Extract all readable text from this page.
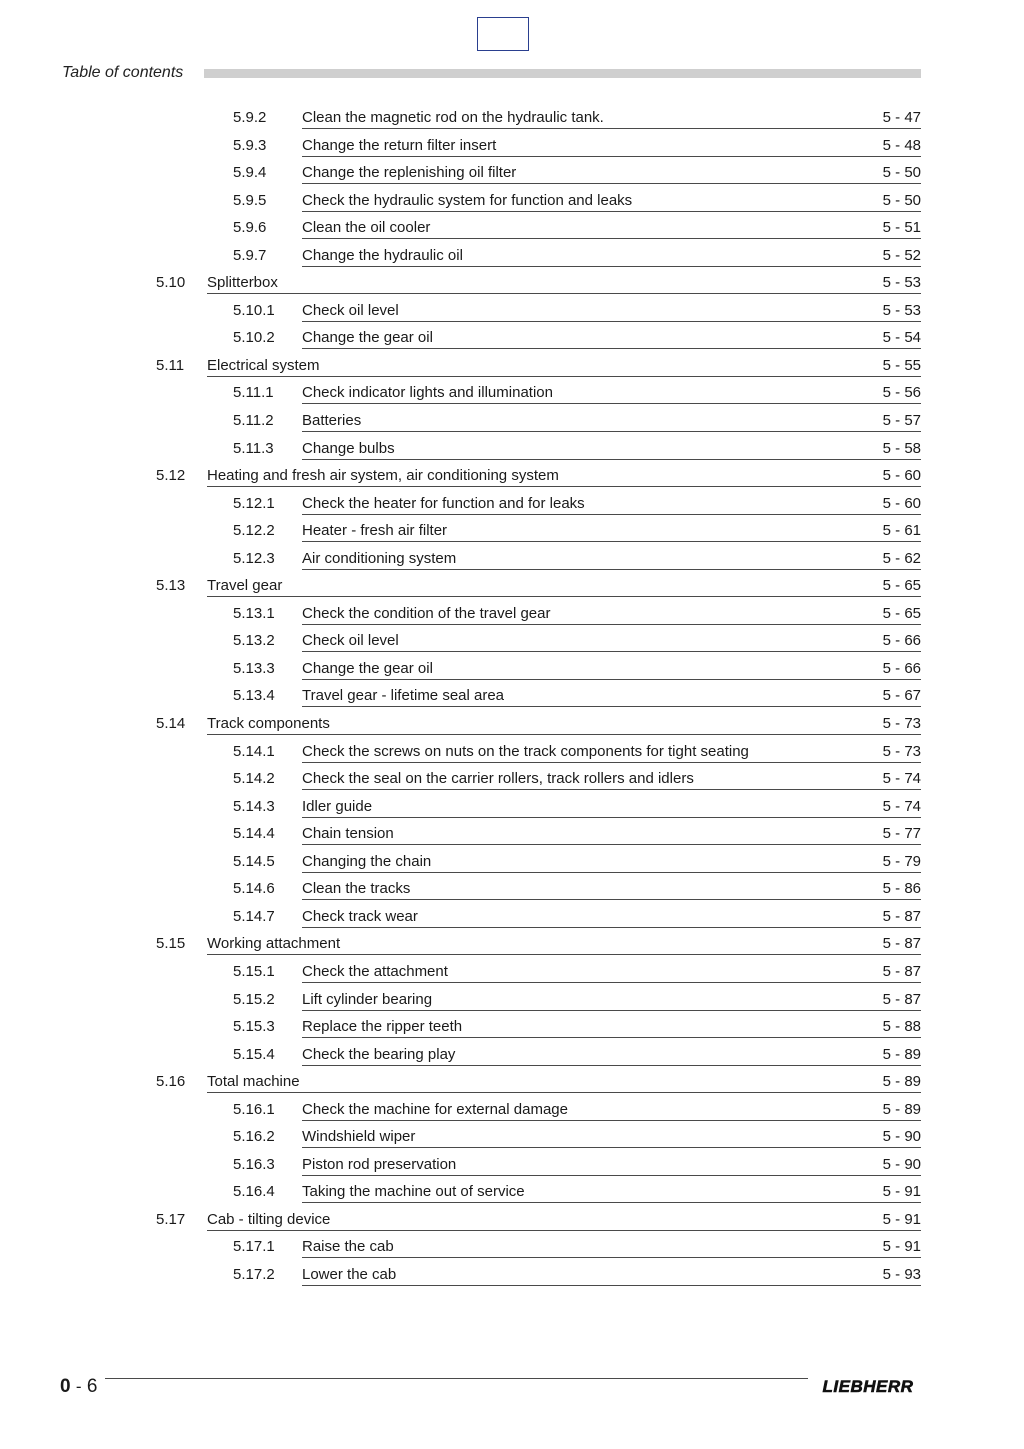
Table of contents
5.9.2 Clean the magnetic rod on the hydraulic tank.	5 - 47
5.9.3 Change the return filter insert	5 - 48
5.9.4 Change the replenishing oil filter	5 - 50
5.9.5 Check the hydraulic system for function and leaks	5 - 50
5.9.6 Clean the oil cooler	5 - 51
5.9.7 Change the hydraulic oil	5 - 52
5.10 Splitterbox	5 - 53
5.10.1 Check oil level	5 - 53
5.10.2 Change the gear oil	5 - 54
5.11 Electrical system	5 - 55
5.11.1 Check indicator lights and illumination	5 - 56
5.11.2 Batteries	5 - 57
5.11.3 Change bulbs	5 - 58
5.12 Heating and fresh air system, air conditioning system	5 - 60
5.12.1 Check the heater for function and for leaks	5 - 60
5.12.2 Heater - fresh air filter	5 - 61
5.12.3 Air conditioning system	5 - 62
5.13 Travel gear	5 - 65
5.13.1 Check the condition of the travel gear	5 - 65
5.13.2 Check oil level	5 - 66
5.13.3 Change the gear oil	5 - 66
5.13.4 Travel gear - lifetime seal area	5 - 67
5.14 Track components	5 - 73
5.14.1 Check the screws on nuts on the track components for tight seating	5 - 73
5.14.2 Check the seal on the carrier rollers, track rollers and idlers	5 - 74
5.14.3 Idler guide	5 - 74
5.14.4 Chain tension	5 - 77
5.14.5 Changing the chain	5 - 79
5.14.6 Clean the tracks	5 - 86
5.14.7 Check track wear	5 - 87
5.15 Working attachment	5 - 87
5.15.1 Check the attachment	5 - 87
5.15.2 Lift cylinder bearing	5 - 87
5.15.3 Replace the ripper teeth	5 - 88
5.15.4 Check the bearing play	5 - 89
5.16 Total machine	5 - 89
5.16.1 Check the machine for external damage	5 - 89
5.16.2 Windshield wiper	5 - 90
5.16.3 Piston rod preservation	5 - 90
5.16.4 Taking the machine out of service	5 - 91
5.17 Cab - tilting device	5 - 91
5.17.1 Raise the cab	5 - 91
5.17.2 Lower the cab	5 - 93
0 - 6	LIEBHERR
